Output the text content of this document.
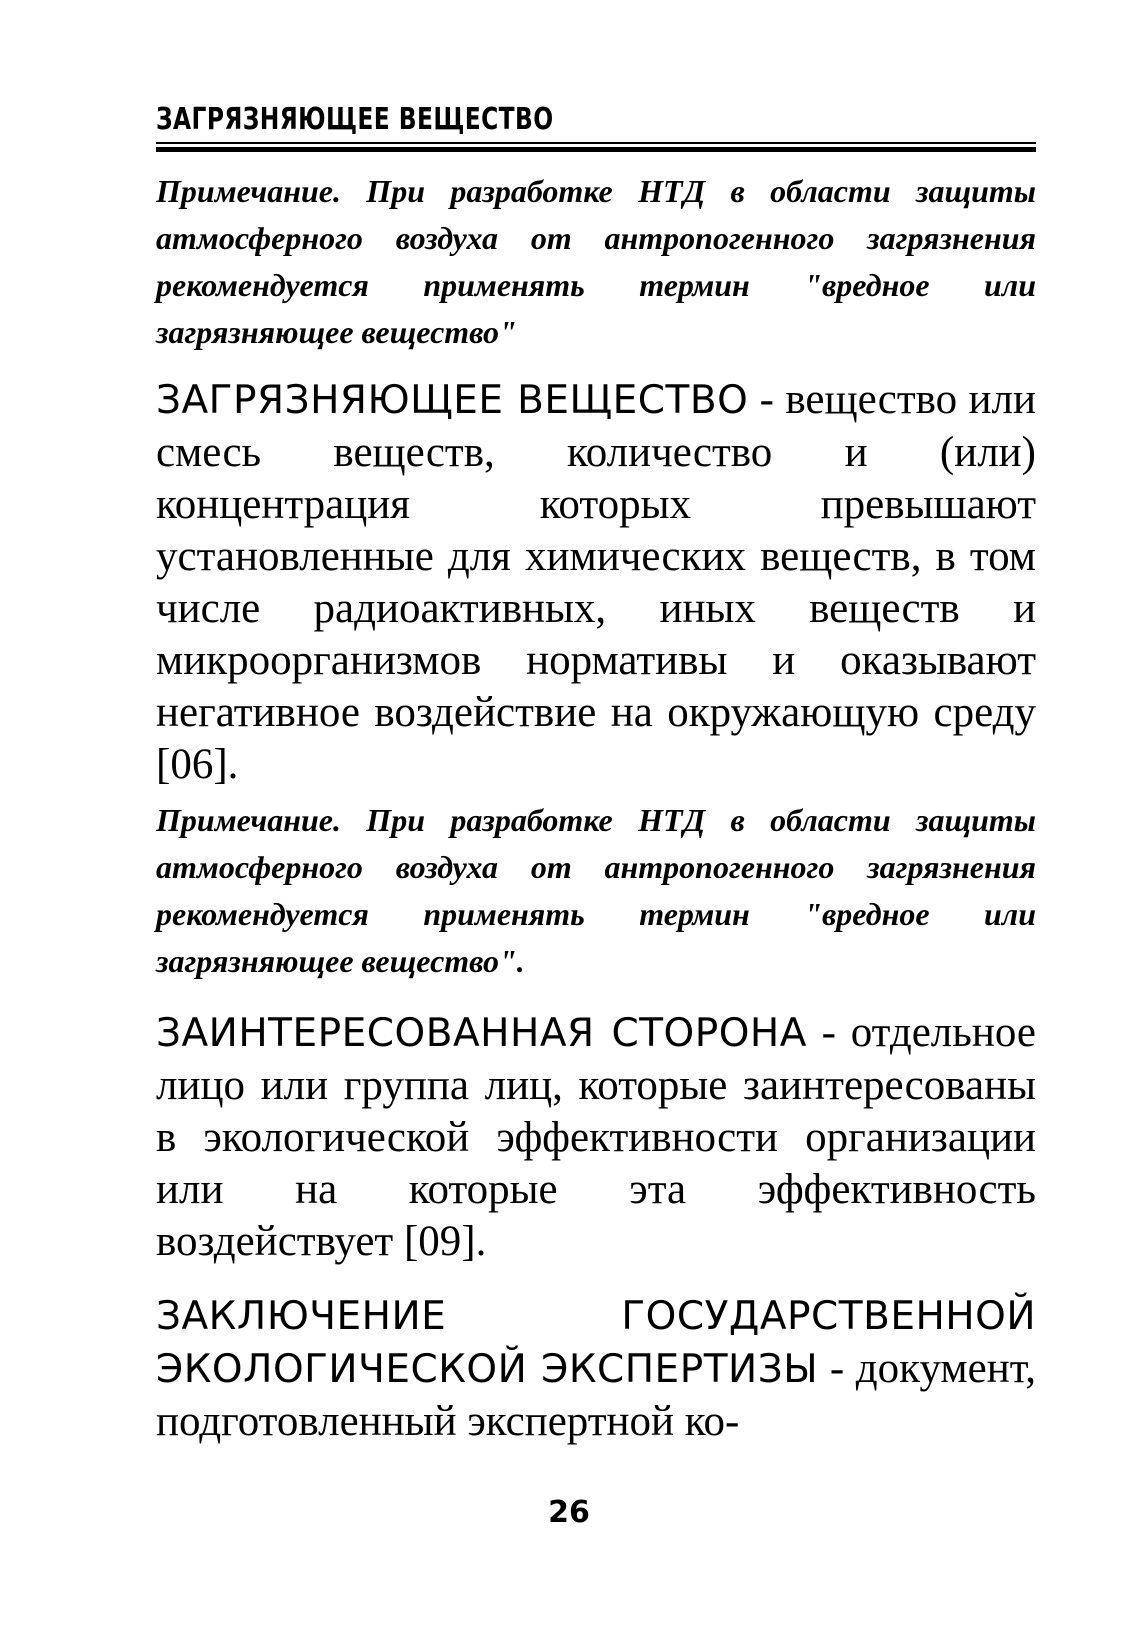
ЗАГРЯЗНЯЮЩЕЕ ВЕЩЕСТВО

Примечание. При разработке НТД в области защиты атмосферного воздуха от антропогенного загрязнения рекомендуется применять термин "вредное или загрязняющее вещество"

ЗАГРЯЗНЯЮЩЕЕ ВЕЩЕСТВО - вещество или смесь веществ, количество и (или) концентрация которых превышают установленные для химических веществ, в том числе радиоактивных, иных веществ и микроорганизмов нормативы и оказывают негативное воздействие на окружающую среду [06].

Примечание. При разработке НТД в области защиты атмосферного воздуха от антропогенного загрязнения рекомендуется применять термин "вредное или загрязняющее вещество".

ЗАИНТЕРЕСОВАННАЯ СТОРОНА - отдельное лицо или группа лиц, которые заинтересованы в экологической эффективности организации или на которые эта эффективность воздействует [09].

ЗАКЛЮЧЕНИЕ ГОСУДАРСТВЕННОЙ ЭКОЛОГИЧЕСКОЙ ЭКСПЕРТИЗЫ - документ, подготовленный экспертной ко-

26
